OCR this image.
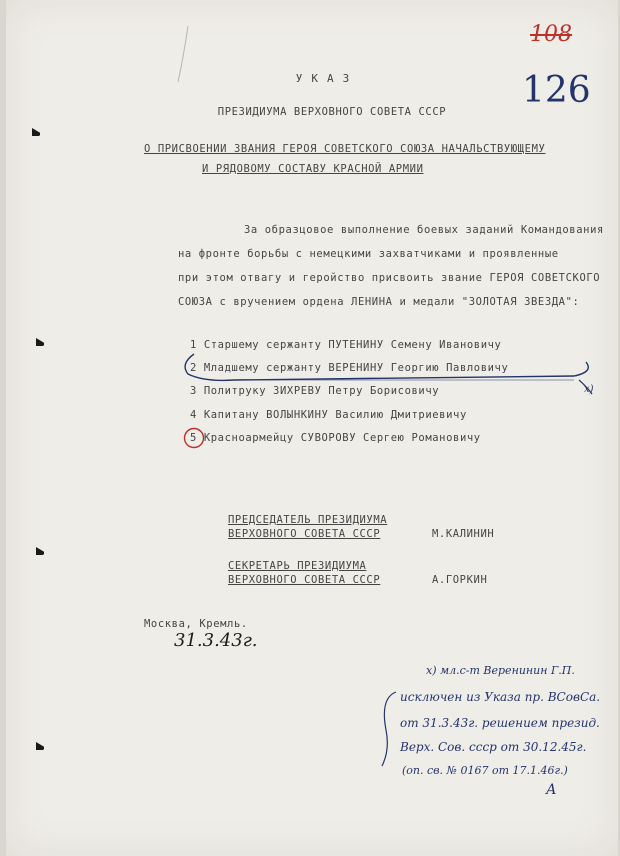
108
126
УКАЗ
ПРЕЗИДИУМА ВЕРХОВНОГО СОВЕТА СССР
О ПРИСВОЕНИИ ЗВАНИЯ ГЕРОЯ СОВЕТСКОГО СОЮЗА НАЧАЛЬСТВУЮЩЕМУ
И РЯДОВОМУ СОСТАВУ КРАСНОЙ АРМИИ
За образцовое выполнение боевых заданий Командования
на фронте борьбы с немецкими захватчиками и проявленные
при этом отвагу и геройство присвоить звание ГЕРОЯ СОВЕТСКОГО
СОЮЗА с вручением ордена ЛЕНИНА и медали "ЗОЛОТАЯ ЗВЕЗДА":
1 Старшему сержанту ПУТЕНИНУ Семену Ивановичу
2 Младшему сержанту ВЕРЕНИНУ Георгию Павловичу
3 Политруку ЗИХРЕВУ Петру Борисовичу
4 Капитану ВОЛЫНКИНУ Василию Дмитриевичу
5 Красноармейцу СУВОРОВУ Сергею Романовичу
х)
ПРЕДСЕДАТЕЛЬ ПРЕЗИДИУМА
ВЕРХОВНОГО СОВЕТА СССР	М.КАЛИНИН
СЕКРЕТАРЬ ПРЕЗИДИУМА
ВЕРХОВНОГО СОВЕТА СССР	А.ГОРКИН
Москва, Кремль.
31.3.43г.
х) мл.с-т Веренинин Г.П.
исключен из Указа пр. ВСовСа.
от 31.3.43г. решением презид.
Верх. Сов. ссср от 30.12.45г.
(оп. св. № 0167 от 17.1.46г.)
А
